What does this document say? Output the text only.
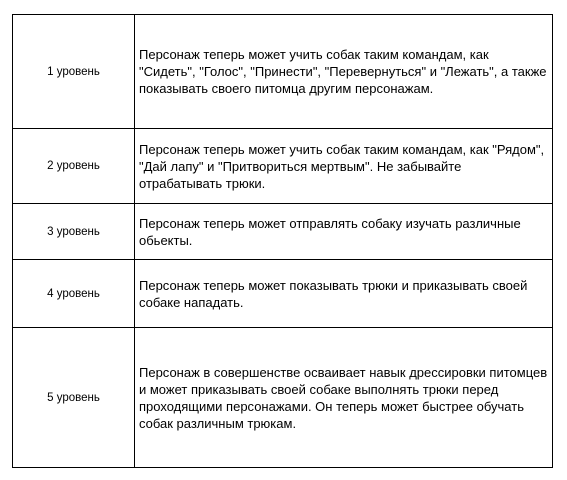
1 уровень	Персонаж теперь может учить собак таким командам, как "Сидеть", "Голос", "Принести", "Перевернуться" и "Лежать", а также показывать своего питомца другим персонажам.
2 уровень	Персонаж теперь может учить собак таким командам, как "Рядом", "Дай лапу" и "Притвориться мертвым". Не забывайте отрабатывать трюки.
3 уровень	Персонаж теперь может отправлять собаку изучать различные обьекты.
4 уровень	Персонаж теперь может показывать трюки и приказывать своей собаке нападать.
5 уровень	Персонаж в совершенстве осваивает навык дрессировки питомцев и может приказывать своей собаке выполнять трюки перед проходящими персонажами. Он теперь может быстрее обучать собак различным трюкам.
